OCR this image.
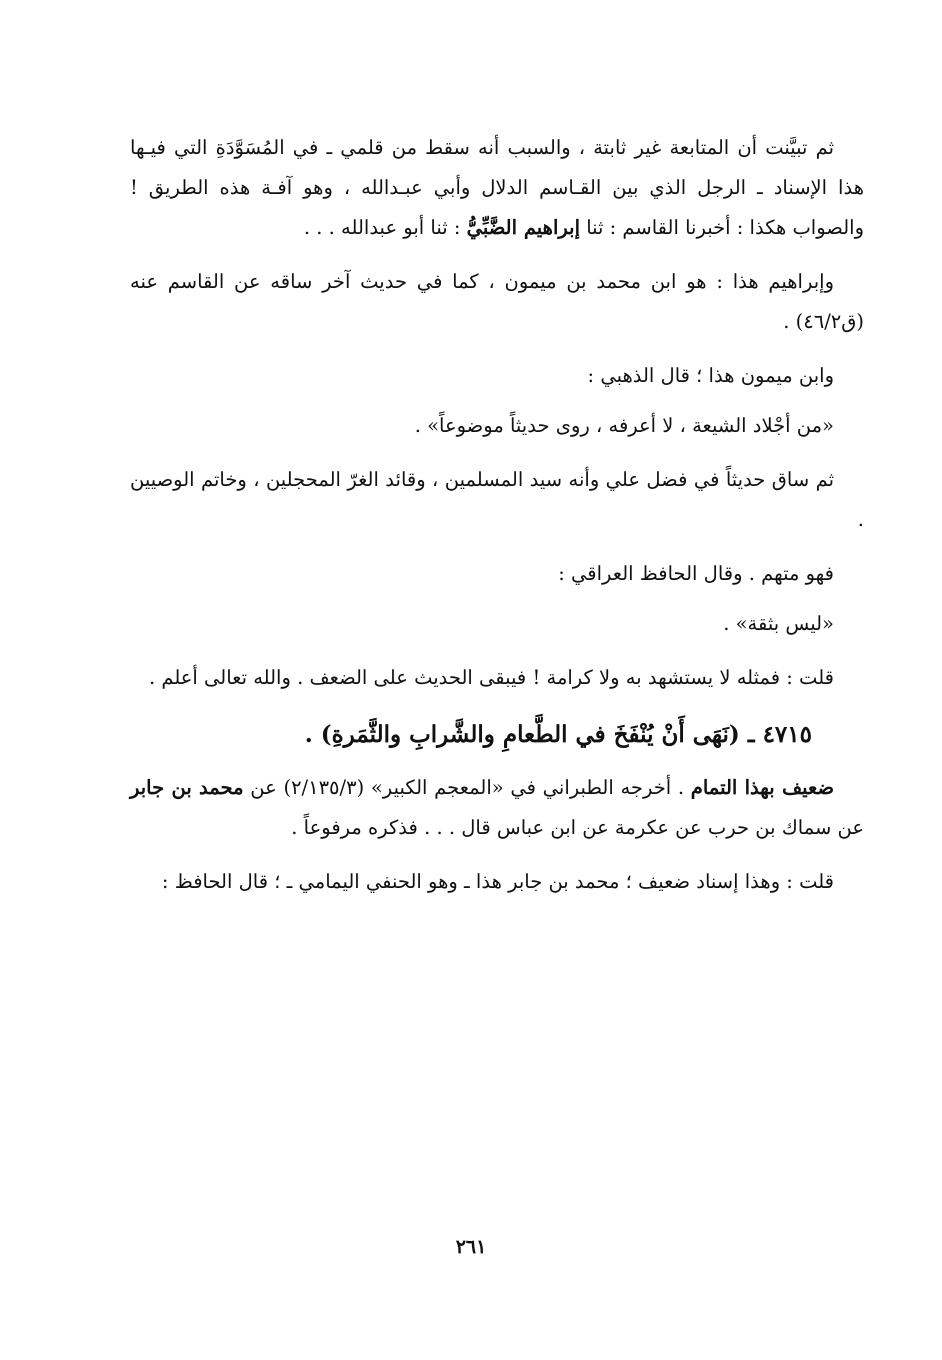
ثم تبيَّنت أن المتابعة غير ثابتة ، والسبب أنه سقط من قلمي ـ في المُسَوَّدَةِ التي فيـها هذا الإسناد ـ الرجل الذي بين القـاسم الدلال وأبي عبـدالله ، وهو آفـة هذه الطريق ! والصواب هكذا : أخبرنا القاسم : ثنا إبراهيم الضَّبِّيُّ : ثنا أبو عبدالله . . .

وإبراهيم هذا : هو ابن محمد بن ميمون ، كما في حديث آخر ساقه عن القاسم عنه (ق٤٦/٢) .

وابن ميمون هذا ؛ قال الذهبي :

«من أجْلاد الشيعة ، لا أعرفه ، روى حديثاً موضوعاً» .

ثم ساق حديثاً في فضل علي وأنه سيد المسلمين ، وقائد الغرّ المحجلين ، وخاتم الوصيين .

فهو متهم . وقال الحافظ العراقي :

«ليس بثقة» .

قلت : فمثله لا يستشهد به ولا كرامة ! فيبقى الحديث على الضعف . والله تعالى أعلم .

٤٧١٥ ـ (نَهَى أَنْ يُنْفَخَ في الطَّعامِ والشَّرابِ والثَّمَرةِ) .

ضعيف بهذا التمام . أخرجه الطبراني في «المعجم الكبير» (٢/١٣٥/٣) عن محمد بن جابر عن سماك بن حرب عن عكرمة عن ابن عباس قال . . . فذكره مرفوعاً .

قلت : وهذا إسناد ضعيف ؛ محمد بن جابر هذا ـ وهو الحنفي اليمامي ـ ؛ قال الحافظ :

٢٦١
